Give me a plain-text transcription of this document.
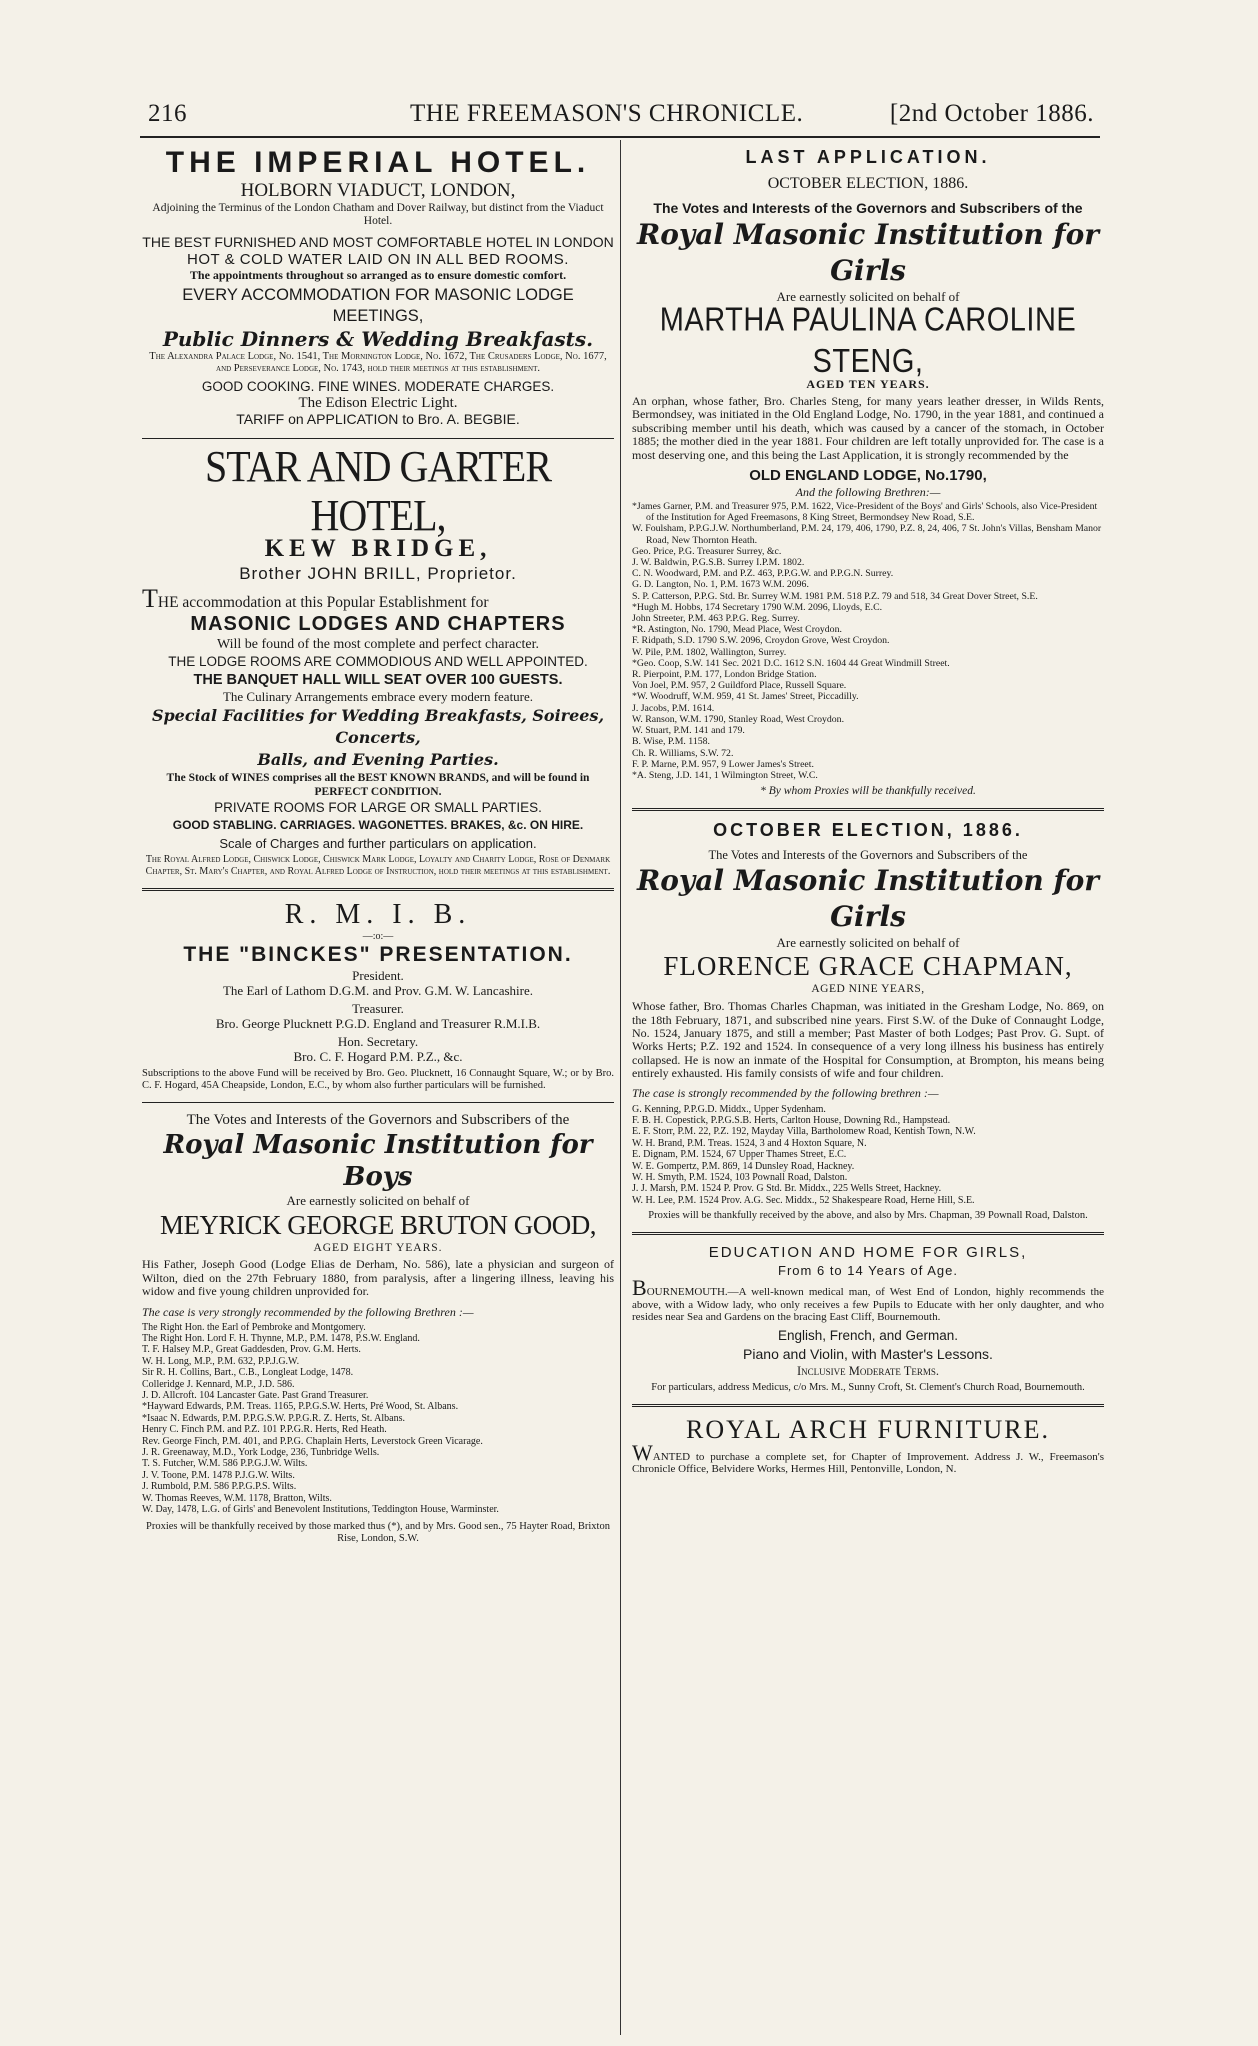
216	THE FREEMASON'S CHRONICLE.	[2nd October 1886.
THE IMPERIAL HOTEL.
HOLBORN VIADUCT, LONDON,
Adjoining the Terminus of the London Chatham and Dover Railway, but distinct from the Viaduct Hotel.
THE BEST FURNISHED AND MOST COMFORTABLE HOTEL IN LONDON
HOT & COLD WATER LAID ON IN ALL BED ROOMS.
The appointments throughout so arranged as to ensure domestic comfort.
EVERY ACCOMMODATION FOR MASONIC LODGE MEETINGS,
Public Dinners & Wedding Breakfasts.
The Alexandra Palace Lodge, No. 1541, The Mornington Lodge, No. 1672, The Crusaders Lodge, No. 1677, and Perseverance Lodge, No. 1743, hold their meetings at this establishment.
GOOD COOKING. FINE WINES. MODERATE CHARGES.
The Edison Electric Light.
TARIFF on APPLICATION to Bro. A. BEGBIE.
STAR AND GARTER HOTEL,
KEW BRIDGE,
Brother JOHN BRILL, Proprietor.
THE accommodation at this Popular Establishment for
MASONIC LODGES AND CHAPTERS
Will be found of the most complete and perfect character.
THE LODGE ROOMS ARE COMMODIOUS AND WELL APPOINTED.
THE BANQUET HALL WILL SEAT OVER 100 GUESTS.
The Culinary Arrangements embrace every modern feature.
Special Facilities for Wedding Breakfasts, Soirees, Concerts,
Balls, and Evening Parties.
The Stock of WINES comprises all the BEST KNOWN BRANDS, and will be found in PERFECT CONDITION.
PRIVATE ROOMS FOR LARGE OR SMALL PARTIES.
GOOD STABLING. CARRIAGES. WAGONETTES. BRAKES, &c. ON HIRE.
Scale of Charges and further particulars on application.
The Royal Alfred Lodge, Chiswick Lodge, Chiswick Mark Lodge, Loyalty and Charity Lodge, Rose of Denmark Chapter, St. Mary's Chapter, and Royal Alfred Lodge of Instruction, hold their meetings at this establishment.
R. M. I. B.
—:o:—
THE "BINCKES" PRESENTATION.
President.
The Earl of Lathom D.G.M. and Prov. G.M. W. Lancashire.
Treasurer.
Bro. George Plucknett P.G.D. England and Treasurer R.M.I.B.
Hon. Secretary.
Bro. C. F. Hogard P.M. P.Z., &c.
Subscriptions to the above Fund will be received by Bro. Geo. Plucknett, 16 Connaught Square, W.; or by Bro. C. F. Hogard, 45A Cheapside, London, E.C., by whom also further particulars will be furnished.
The Votes and Interests of the Governors and Subscribers of the
Royal Masonic Institution for Boys
Are earnestly solicited on behalf of
MEYRICK GEORGE BRUTON GOOD,
AGED EIGHT YEARS.
His Father, Joseph Good (Lodge Elias de Derham, No. 586), late a physician and surgeon of Wilton, died on the 27th February 1880, from paralysis, after a lingering illness, leaving his widow and five young children unprovided for.
The case is very strongly recommended by the following Brethren :—
The Right Hon. the Earl of Pembroke and Montgomery.
The Right Hon. Lord F. H. Thynne, M.P., P.M. 1478, P.S.W. England.
T. F. Halsey M.P., Great Gaddesden, Prov. G.M. Herts.
W. H. Long, M.P., P.M. 632, P.P.J.G.W.
Sir R. H. Collins, Bart., C.B., Longleat Lodge, 1478.
Colleridge J. Kennard, M.P., J.D. 586.
J. D. Allcroft. 104 Lancaster Gate. Past Grand Treasurer.
*Hayward Edwards, P.M. Treas. 1165, P.P.G.S.W. Herts, Pré Wood, St. Albans.
*Isaac N. Edwards, P.M. P.P.G.S.W. P.P.G.R. Z. Herts, St. Albans.
Henry C. Finch P.M. and P.Z. 101 P.P.G.R. Herts, Red Heath.
Rev. George Finch, P.M. 401, and P.P.G. Chaplain Herts, Leverstock Green Vicarage.
J. R. Greenaway, M.D., York Lodge, 236, Tunbridge Wells.
T. S. Futcher, W.M. 586 P.P.G.J.W. Wilts.
J. V. Toone, P.M. 1478 P.J.G.W. Wilts.
J. Rumbold, P.M. 586 P.P.G.P.S. Wilts.
W. Thomas Reeves, W.M. 1178, Bratton, Wilts.
W. Day, 1478, L.G. of Girls' and Benevolent Institutions, Teddington House, Warminster.
Proxies will be thankfully received by those marked thus (*), and by Mrs. Good sen., 75 Hayter Road, Brixton Rise, London, S.W.
LAST APPLICATION.
OCTOBER ELECTION, 1886.
The Votes and Interests of the Governors and Subscribers of the
Royal Masonic Institution for Girls
Are earnestly solicited on behalf of
MARTHA PAULINA CAROLINE STENG,
AGED TEN YEARS.
An orphan, whose father, Bro. Charles Steng, for many years leather dresser, in Wilds Rents, Bermondsey, was initiated in the Old England Lodge, No. 1790, in the year 1881, and continued a subscribing member until his death, which was caused by a cancer of the stomach, in October 1885; the mother died in the year 1881. Four children are left totally unprovided for. The case is a most deserving one, and this being the Last Application, it is strongly recommended by the
OLD ENGLAND LODGE, No.1790,
And the following Brethren:—
*James Garner, P.M. and Treasurer 975, P.M. 1622, Vice-President of the Boys' and Girls' Schools, also Vice-President of the Institution for Aged Freemasons, 8 King Street, Bermondsey New Road, S.E.
W. Foulsham, P.P.G.J.W. Northumberland, P.M. 24, 179, 406, 1790, P.Z. 8, 24, 406, 7 St. John's Villas, Bensham Manor Road, New Thornton Heath.
Geo. Price, P.G. Treasurer Surrey, &c.
J. W. Baldwin, P.G.S.B. Surrey I.P.M. 1802.
C. N. Woodward, P.M. and P.Z. 463, P.P.G.W. and P.P.G.N. Surrey.
G. D. Langton, No. 1, P.M. 1673 W.M. 2096.
S. P. Catterson, P.P.G. Std. Br. Surrey W.M. 1981 P.M. 518 P.Z. 79 and 518, 34 Great Dover Street, S.E.
*Hugh M. Hobbs, 174 Secretary 1790 W.M. 2096, Lloyds, E.C.
John Streeter, P.M. 463 P.P.G. Reg. Surrey.
*R. Astington, No. 1790, Mead Place, West Croydon.
F. Ridpath, S.D. 1790 S.W. 2096, Croydon Grove, West Croydon.
W. Pile, P.M. 1802, Wallington, Surrey.
*Geo. Coop, S.W. 141 Sec. 2021 D.C. 1612 S.N. 1604 44 Great Windmill Street.
R. Pierpoint, P.M. 177, London Bridge Station.
Von Joel, P.M. 957, 2 Guildford Place, Russell Square.
*W. Woodruff, W.M. 959, 41 St. James' Street, Piccadilly.
J. Jacobs, P.M. 1614.
W. Ranson, W.M. 1790, Stanley Road, West Croydon.
W. Stuart, P.M. 141 and 179.
B. Wise, P.M. 1158.
Ch. R. Williams, S.W. 72.
F. P. Marne, P.M. 957, 9 Lower James's Street.
*A. Steng, J.D. 141, 1 Wilmington Street, W.C.
* By whom Proxies will be thankfully received.
OCTOBER ELECTION, 1886.
The Votes and Interests of the Governors and Subscribers of the
Royal Masonic Institution for Girls
Are earnestly solicited on behalf of
FLORENCE GRACE CHAPMAN,
AGED NINE YEARS,
Whose father, Bro. Thomas Charles Chapman, was initiated in the Gresham Lodge, No. 869, on the 18th February, 1871, and subscribed nine years. First S.W. of the Duke of Connaught Lodge, No. 1524, January 1875, and still a member; Past Master of both Lodges; Past Prov. G. Supt. of Works Herts; P.Z. 192 and 1524. In consequence of a very long illness his business has entirely collapsed. He is now an inmate of the Hospital for Consumption, at Brompton, his means being entirely exhausted. His family consists of wife and four children.
The case is strongly recommended by the following brethren :—
G. Kenning, P.P.G.D. Middx., Upper Sydenham.
F. B. H. Copestick, P.P.G.S.B. Herts, Carlton House, Downing Rd., Hampstead.
E. F. Storr, P.M. 22, P.Z. 192, Mayday Villa, Bartholomew Road, Kentish Town, N.W.
W. H. Brand, P.M. Treas. 1524, 3 and 4 Hoxton Square, N.
E. Dignam, P.M. 1524, 67 Upper Thames Street, E.C.
W. E. Gompertz, P.M. 869, 14 Dunsley Road, Hackney.
W. H. Smyth, P.M. 1524, 103 Pownall Road, Dalston.
J. J. Marsh, P.M. 1524 P. Prov. G Std. Br. Middx., 225 Wells Street, Hackney.
W. H. Lee, P.M. 1524 Prov. A.G. Sec. Middx., 52 Shakespeare Road, Herne Hill, S.E.
Proxies will be thankfully received by the above, and also by Mrs. Chapman, 39 Pownall Road, Dalston.
EDUCATION AND HOME FOR GIRLS,
From 6 to 14 Years of Age.
BOURNEMOUTH.—A well-known medical man, of West End of London, highly recommends the above, with a Widow lady, who only receives a few Pupils to Educate with her only daughter, and who resides near Sea and Gardens on the bracing East Cliff, Bournemouth.
English, French, and German.
Piano and Violin, with Master's Lessons.
Inclusive Moderate Terms.
For particulars, address Medicus, c/o Mrs. M., Sunny Croft, St. Clement's Church Road, Bournemouth.
ROYAL ARCH FURNITURE.
WANTED to purchase a complete set, for Chapter of Improvement. Address J. W., Freemason's Chronicle Office, Belvidere Works, Hermes Hill, Pentonville, London, N.
